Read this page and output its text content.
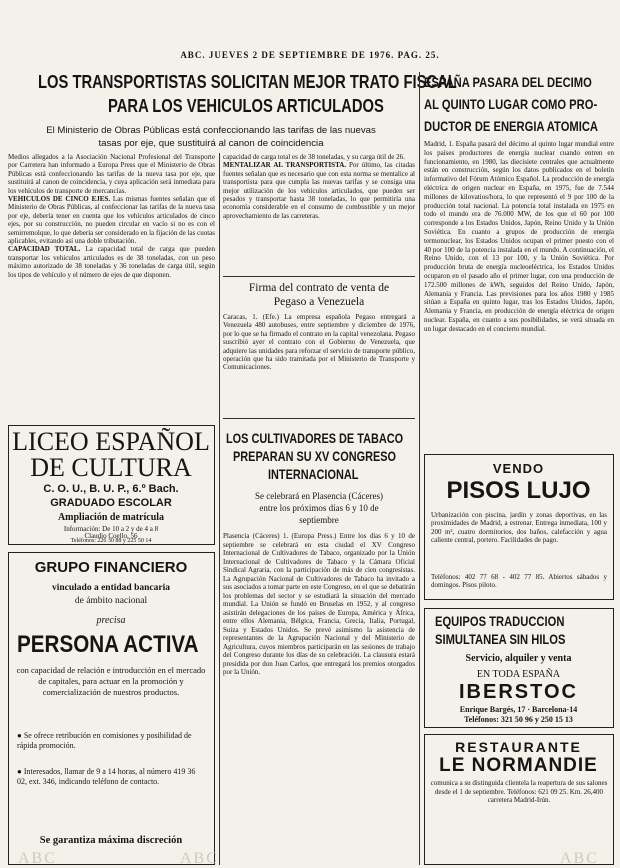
ABC. JUEVES 2 DE SEPTIEMBRE DE 1976. PAG. 25.
LOS TRANSPORTISTAS SOLICITAN MEJOR TRATO FISCAL
PARA LOS VEHICULOS ARTICULADOS
El Ministerio de Obras Públicas está confeccionando las tarifas de las nuevas
tasas por eje, que sustituirá al canon de coincidencia
Medios allegados a la Asociación Nacional Profesional del Transporte por Carretera han informado a Europa Press que el Ministerio de Obras Públicas está confeccionando las tarifas de la nueva tasa por eje, que sustituirá al canon de coincidencia, y cuya aplicación será inmediata para los vehículos de transporte de mercancías.
VEHICULOS DE CINCO EJES. Las mismas fuentes señalan que el Ministerio de Obras Públicas, al confeccionar las tarifas de la nueva tasa por eje, debería tener en cuenta que los vehículos articulados de cinco ejes, por su construcción, no pueden circular en vacío si no es con el semirremolque, lo que debería ser considerado en la fijación de las cuotas aplicables, evitando así una doble tributación.
CAPACIDAD TOTAL. La capacidad total de carga que pueden transportar los vehículos articulados es de 38 toneladas, con un peso máximo autorizado de 38 toneladas y 36 toneladas de carga útil, según los tipos de vehículo y el número de ejes de que disponen.
capacidad de carga total es de 38 toneladas, y su carga útil de 26.
MENTALIZAR AL TRANSPORTISTA. Por último, las citadas fuentes señalan que es necesario que con esta norma se mentalice al transportista para que cumpla las nuevas tarifas y se consiga una mejor utilización de los vehículos articulados, que pueden ser pesados y transportar hasta 38 toneladas, lo que permitiría una economía considerable en el consumo de combustible y un mejor aprovechamiento de las carreteras.
Firma del contrato de venta de
Pegaso a Venezuela
Caracas, 1. (Efe.) La empresa española Pegaso entregará a Venezuela 480 autobuses, entre septiembre y diciembre de 1976, por lo que se ha firmado el contrato en la capital venezolana. Pegaso suscribió ayer el contrato con el Gobierno de Venezuela, que adquiere las unidades para reforzar el servicio de transporte público, operación que ha sido tramitada por el Ministerio de Transporte y Comunicaciones.
LOS CULTIVADORES DE TABACO
PREPARAN SU XV CONGRESO
INTERNACIONAL
Se celebrará en Plasencia (Cáceres)
entre los próximos días 6 y 10 de
septiembre
Plasencia (Cáceres) 1. (Europa Press.) Entre los días 6 y 10 de septiembre se celebrará en esta ciudad el XV Congreso Internacional de Cultivadores de Tabaco, organizado por la Unión Internacional de Cultivadores de Tabaco y la Cámara Oficial Sindical Agraria, con la participación de más de cien congresistas. La Agrupación Nacional de Cultivadores de Tabaco ha invitado a sus asociados a tomar parte en este Congreso, en el que se debatirán los problemas del sector y se estudiará la situación del mercado mundial. La Unión se fundó en Bruselas en 1952, y al congreso asistirán delegaciones de los países de Europa, América y África, entre ellos Alemania, Bélgica, Francia, Grecia, Italia, Portugal, Suiza y Estados Unidos. Se prevé asimismo la asistencia de representantes de la Agrupación Nacional y del Ministerio de Agricultura, cuyos miembros participarán en las sesiones de trabajo del Congreso durante los días de su celebración. La clausura estará presidida por don Juan Carlos, que entregará los premios otorgados por la Unión.
ESPAÑA PASARA DEL DECIMO
AL QUINTO LUGAR COMO PRO-
DUCTOR DE ENERGIA ATOMICA
Madrid, 1. España pasará del décimo al quinto lugar mundial entre los países productores de energía nuclear cuando entren en funcionamiento, en 1980, las diecisiete centrales que actualmente están en construcción, según los datos publicados en el boletín informativo del Fórum Atómico Español. La producción de energía eléctrica de origen nuclear en España, en 1975, fue de 7.544 millones de kilovatios/hora, lo que representó el 9 por 100 de la producción total nacional. La potencia total instalada en 1975 en todo el mundo era de 76.000 MW, de los que el 60 por 100 corresponde a los Estados Unidos, Japón, Reino Unido y la Unión Soviética. En cuanto a grupos de producción de energía termonuclear, los Estados Unidos ocupan el primer puesto con el 40 por 100 de la potencia instalada en el mundo. A continuación, el Reino Unido, con el 13 por 100, y la Unión Soviética. Por producción bruta de energía nucleoeléctrica, los Estados Unidos ocuparon en el pasado año el primer lugar, con una producción de 172.500 millones de kWh, seguidos del Reino Unido, Japón, Alemania y Francia. Las previsiones para los años 1980 y 1985 sitúan a España en quinto lugar, tras los Estados Unidos, Japón, Alemania y Francia, en producción de energía eléctrica de origen nuclear. España, en cuanto a sus posibilidades, se verá situada en un lugar destacado en el concierto mundial.
LICEO ESPAÑOL
DE CULTURA
C. O. U., B. U. P., 6.º Bach.
GRADUADO ESCOLAR
Ampliación de matrícula
Información: De 10 a 2 y de 4 a 8
Claudio Coello, 56
Teléfonos: 226 30 88 y 225 50 14
GRUPO FINANCIERO
vinculado a entidad bancaria
de ámbito nacional
precisa
PERSONA ACTIVA
con capacidad de relación e introducción en el mercado de capitales, para actuar en la promoción y comercialización de nuestros productos.
● Se ofrece retribución en comisiones y posibilidad de rápida promoción.
● Interesados, llamar de 9 a 14 horas, al número 419 36 02, ext. 346, indicando teléfono de contacto.
Se garantiza máxima discreción
VENDO
PISOS LUJO
Urbanización con piscina, jardín y zonas deportivas, en las proximidades de Madrid, a estrenar. Entrega inmediata, 100 y 200 m², cuatro dormitorios, dos baños, calefacción y agua caliente central, portero. Facilidades de pago.
Teléfonos: 402 77 68 - 402 77 85. Abiertos sábados y domingos. Pisos piloto.
EQUIPOS TRADUCCION
SIMULTANEA SIN HILOS
Servicio, alquiler y venta
EN TODA ESPAÑA
IBERSTOC
Enrique Bargés, 17 · Barcelona-14
Teléfonos: 321 50 96 y 250 15 13
RESTAURANTE
LE NORMANDIE
comunica a su distinguida clientela la reapertura de sus salones desde el 1 de septiembre. Teléfonos: 621 09 25. Km. 26,400 carretera Madrid-Irún.
ABC	ABC	ABC
